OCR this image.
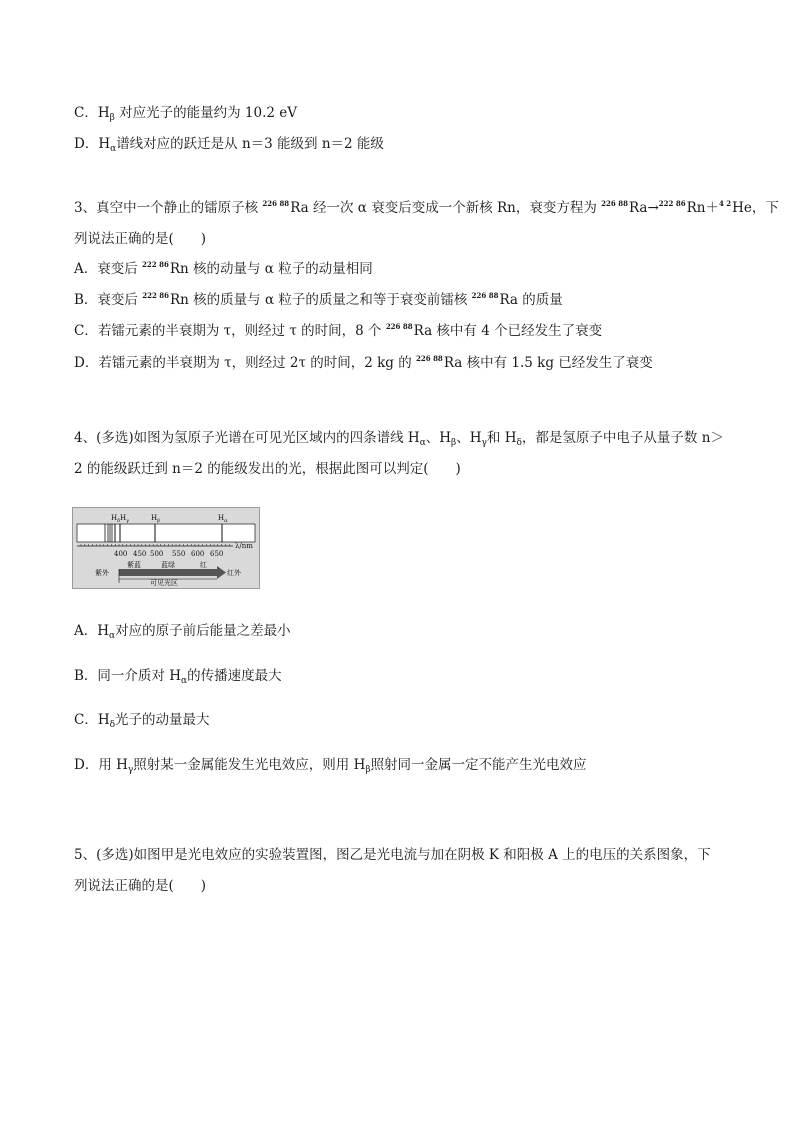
C．$H_\beta$ 对应光子的能量约为 10.2 eV
D．$H_\alpha$谱线对应的跃迁是从 n＝3 能级到 n＝2 能级
3、真空中一个静止的镭原子核 $^{226 88}$Ra 经一次 α 衰变后变成一个新核 Rn，衰变方程为 $^{226 88}$Ra→$^{222 86}$Rn＋$^{4 2}$He，下
列说法正确的是(　　)
A．衰变后 $^{222 86}$Rn 核的动量与 α 粒子的动量相同
B．衰变后 $^{222 86}$Rn 核的质量与 α 粒子的质量之和等于衰变前镭核 $^{226 88}$Ra 的质量
C．若镭元素的半衰期为 τ，则经过 τ 的时间，8 个 $^{226 88}$Ra 核中有 4 个已经发生了衰变
D．若镭元素的半衰期为 τ，则经过 2τ 的时间，2 kg 的 $^{226 88}$Ra 核中有 1.5 kg 已经发生了衰变
4、(多选)如图为氢原子光谱在可见光区域内的四条谱线 $H_\alpha$、$H_\beta$、$H_\gamma$和 $H_\delta$，都是氢原子中电子从量子数 n＞
2 的能级跃迁到 n＝2 的能级发出的光，根据此图可以判定(　　)
$H_\delta$ $H_\gamma$	$H_\beta$	$H_\alpha$
λ/nm
400 450 500 550 600 650
紫蓝	蓝绿	红
紫外	红外
可见光区
A．$H_\alpha$对应的原子前后能量之差最小
B．同一介质对 $H_\alpha$的传播速度最大
C．$H_\delta$光子的动量最大
D．用 $H_\gamma$照射某一金属能发生光电效应，则用 $H_\beta$照射同一金属一定不能产生光电效应
5、(多选)如图甲是光电效应的实验装置图，图乙是光电流与加在阴极 K 和阳极 A 上的电压的关系图象，下
列说法正确的是(　　)
